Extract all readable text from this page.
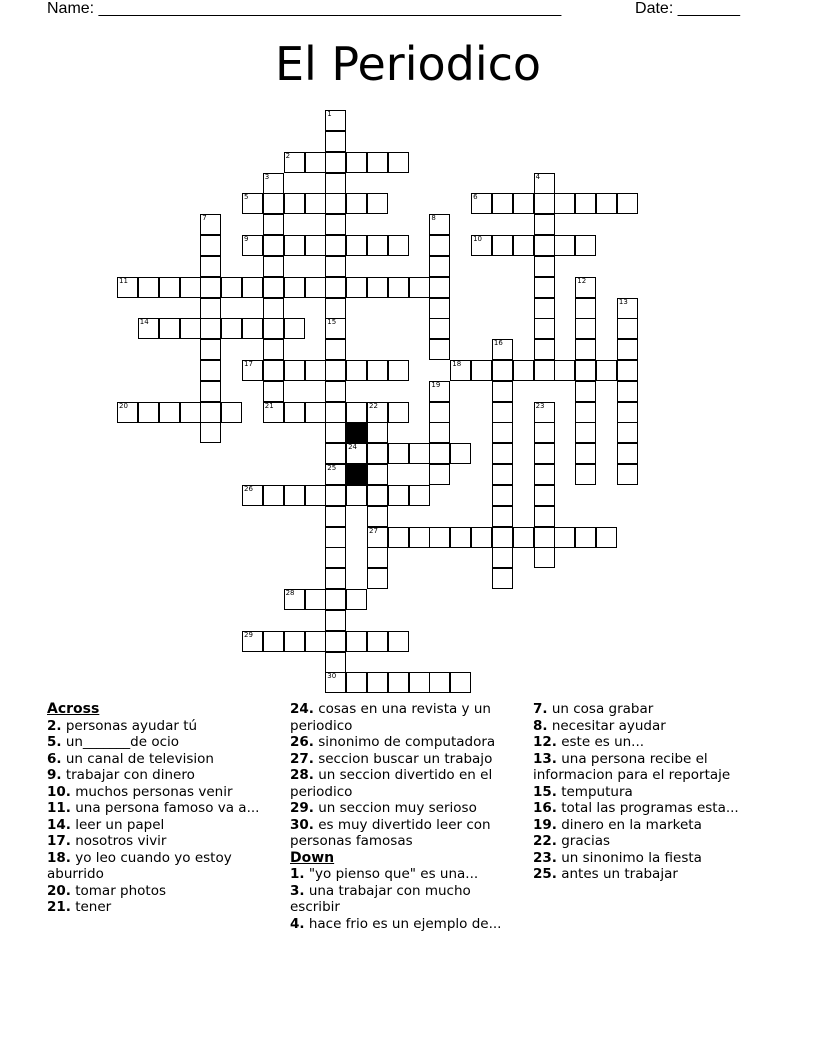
Name: ____________________________________________________	Date: _______
El Periodico
2
5	6
9	10
11
14
17	18
20	21	22
24
26
27
28
29
30
1
15
25
3	4
7	8
12
13
16
19
23
Across
2. personas ayudar tú
5. un_______de ocio
6. un canal de television
9. trabajar con dinero
10. muchos personas venir
11. una persona famoso va a...
14. leer un papel
17. nosotros vivir
18. yo leo cuando yo estoy aburrido
20. tomar photos
21. tener
24. cosas en una revista y un periodico
26. sinonimo de computadora
27. seccion buscar un trabajo
28. un seccion divertido en el periodico
29. un seccion muy serioso
30. es muy divertido leer con personas famosas
Down
1. "yo pienso que" es una...
3. una trabajar con mucho escribir
4. hace frio es un ejemplo de...
7. un cosa grabar
8. necesitar ayudar
12. este es un...
13. una persona recibe el informacion para el reportaje
15. temputura
16. total las programas esta...
19. dinero en la marketa
22. gracias
23. un sinonimo la fiesta
25. antes un trabajar
